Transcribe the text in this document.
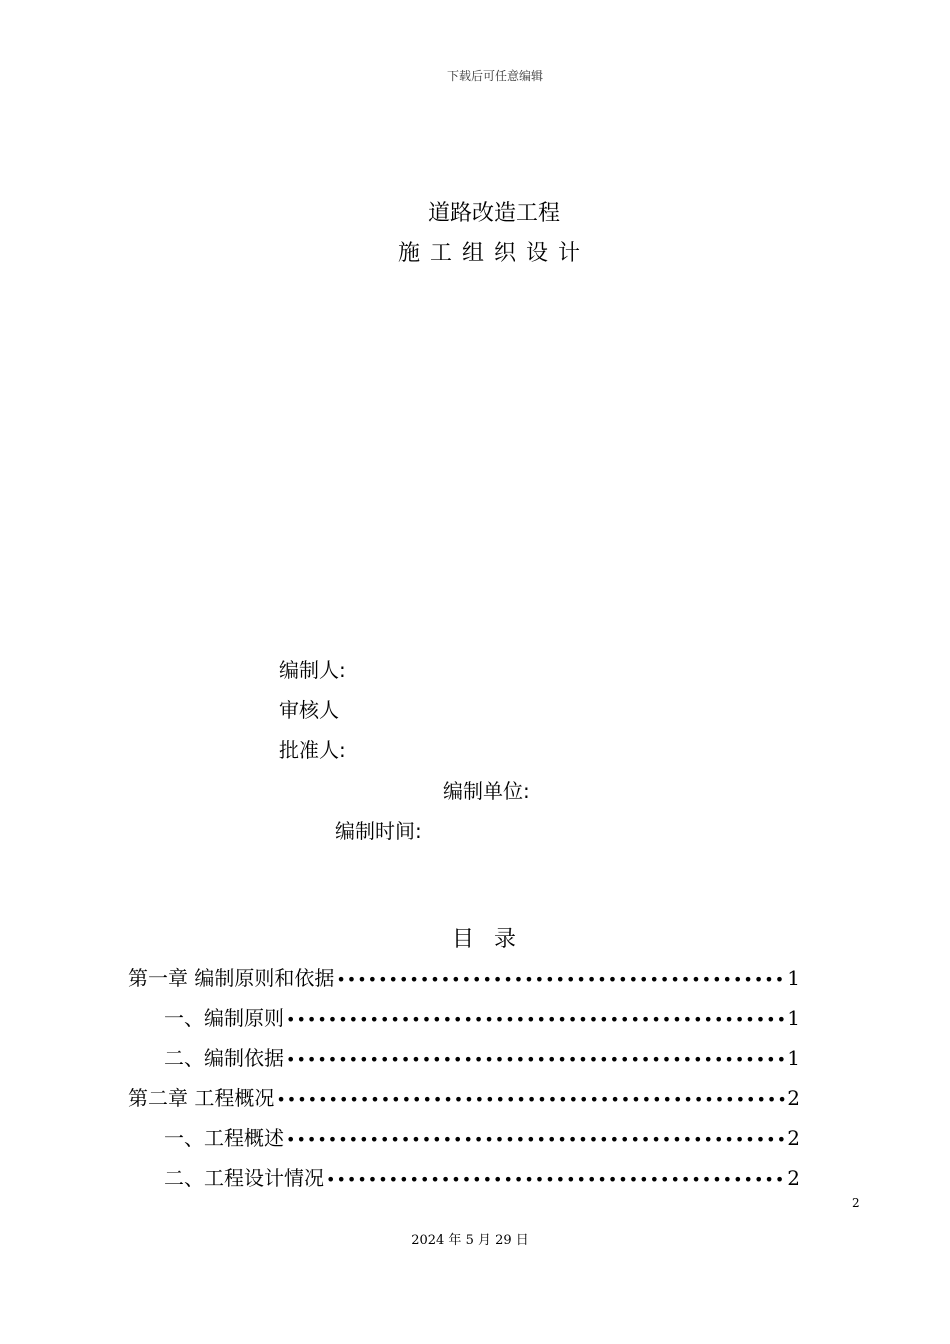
下载后可任意编辑
道路改造工程
施工组织设计
编制人:
审核人
批准人:
编制单位:
编制时间:
目录
第一章 编制原则和依据 •••••	1
一、编制原则 •••••	1
二、编制依据 •••••	1
第二章 工程概况 •••••	2
一、工程概述 •••••	2
二、工程设计情况 •••••	2
2
2024 年 5 月 29 日
